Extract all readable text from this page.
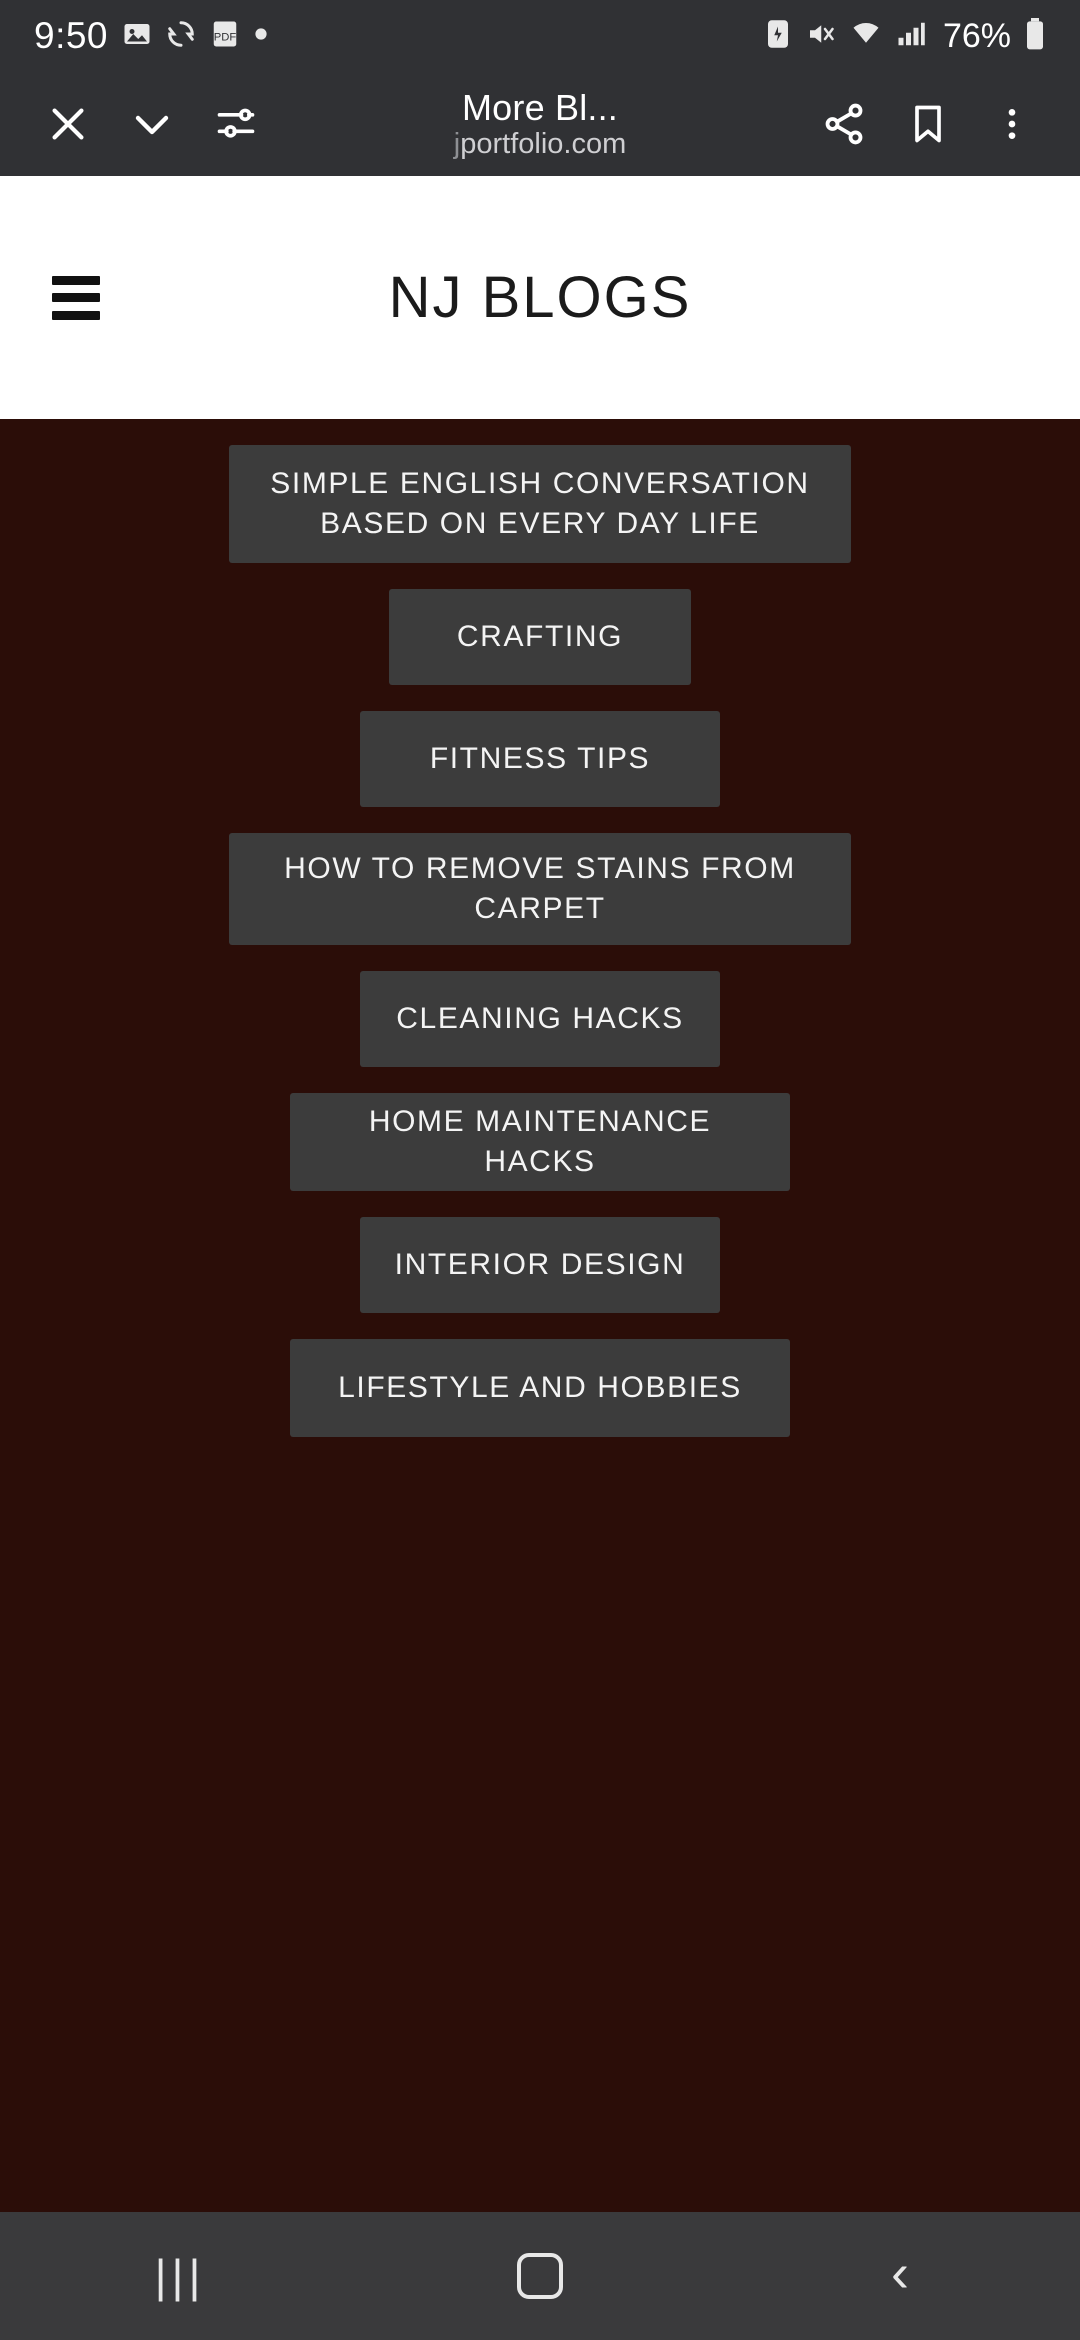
9:50	PDF	76%
More Bl...
jportfolio.com
NJ BLOGS
SIMPLE ENGLISH CONVERSATION BASED ON EVERY DAY LIFE
CRAFTING
FITNESS TIPS
HOW TO REMOVE STAINS FROM CARPET
CLEANING HACKS
HOME MAINTENANCE HACKS
INTERIOR DESIGN
LIFESTYLE AND HOBBIES
|||	‹
